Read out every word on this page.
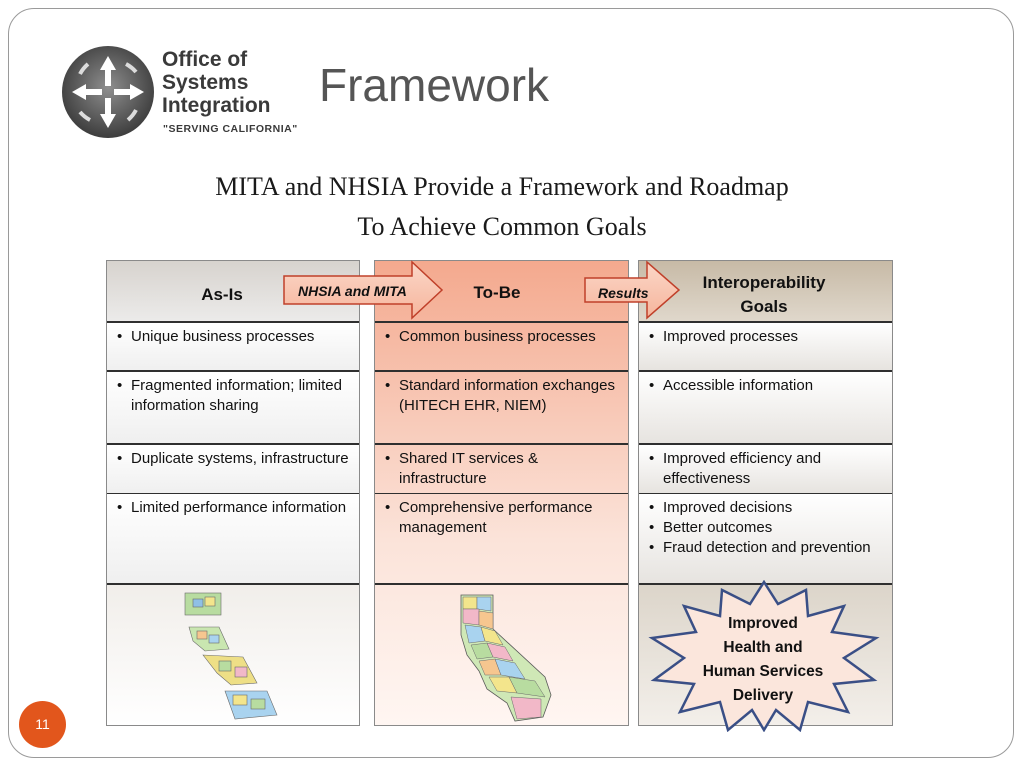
Office of
Systems
Integration
"SERVING CALIFORNIA"
Framework
MITA and NHSIA Provide a Framework and Roadmap
To Achieve Common Goals
As-Is
• Unique business processes
• Fragmented information; limited information sharing
• Duplicate systems, infrastructure
• Limited performance information
To-Be
• Common business processes
• Standard information exchanges (HITECH EHR, NIEM)
• Shared IT services & infrastructure
• Comprehensive performance management
Interoperability
Goals
• Improved processes
• Accessible information
• Improved efficiency and effectiveness
• Improved decisions
• Better outcomes
• Fraud detection and prevention
NHSIA and MITA	Results
Improved
Health and
Human Services
Delivery
11
